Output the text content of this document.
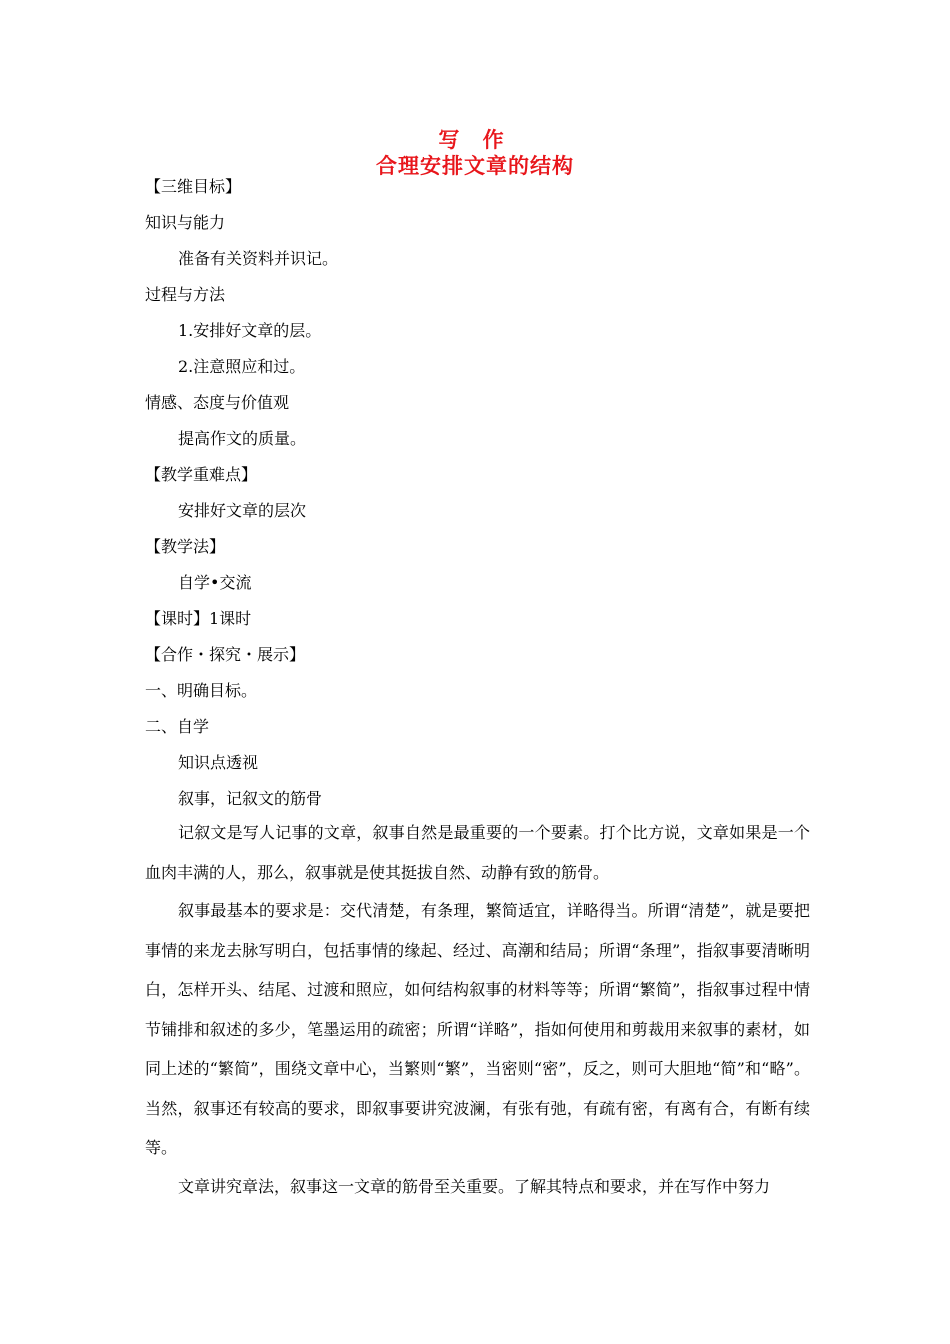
写 作
合理安排文章的结构
【三维目标】
知识与能力
准备有关资料并识记。
过程与方法
1.安排好文章的层。
2.注意照应和过。
情感、态度与价值观
提高作文的质量。
【教学重难点】
安排好文章的层次
【教学法】
自学•交流
【课时】1课时
【合作・探究・展示】
一、明确目标。
二、自学
知识点透视
叙事，记叙文的筋骨
记叙文是写人记事的文章，叙事自然是最重要的一个要素。打个比方说，文章如果是一个血肉丰满的人，那么，叙事就是使其挺拔自然、动静有致的筋骨。
叙事最基本的要求是：交代清楚，有条理，繁简适宜，详略得当。所谓“清楚”，就是要把事情的来龙去脉写明白，包括事情的缘起、经过、高潮和结局；所谓“条理”，指叙事要清晰明白，怎样开头、结尾、过渡和照应，如何结构叙事的材料等等；所谓“繁简”，指叙事过程中情节铺排和叙述的多少，笔墨运用的疏密；所谓“详略”，指如何使用和剪裁用来叙事的素材，如同上述的“繁简”，围绕文章中心，当繁则“繁”，当密则“密”，反之，则可大胆地“简”和“略”。当然，叙事还有较高的要求，即叙事要讲究波澜，有张有弛，有疏有密，有离有合，有断有续等。
文章讲究章法，叙事这一文章的筋骨至关重要。了解其特点和要求，并在写作中努力
